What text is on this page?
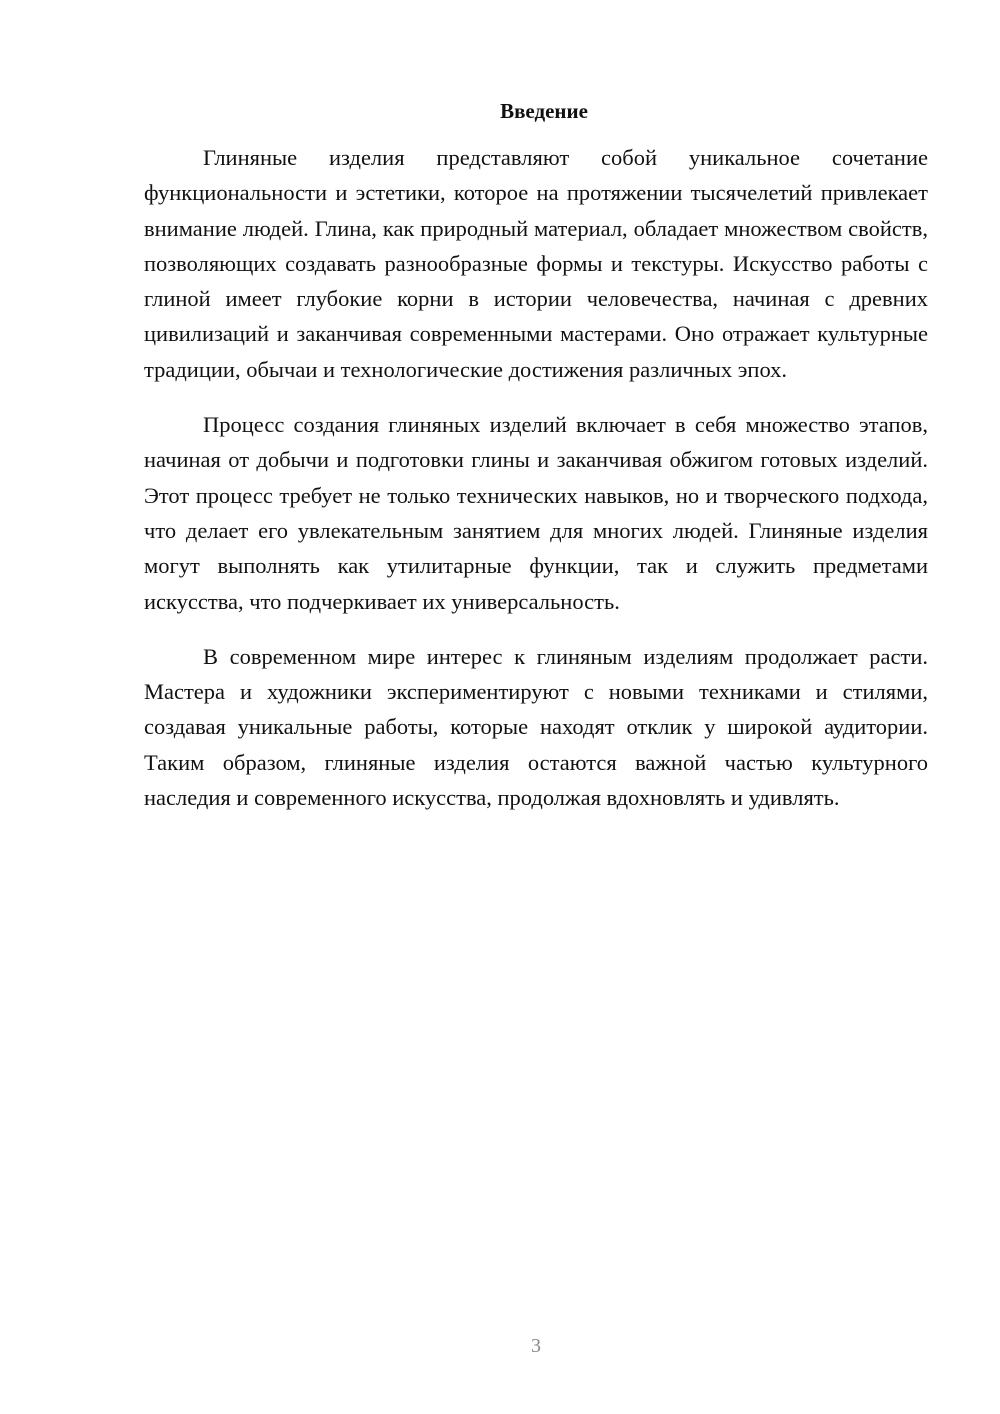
Введение

Глиняные изделия представляют собой уникальное сочетание функциональности и эстетики, которое на протяжении тысячелетий привлекает внимание людей. Глина, как природный материал, обладает множеством свойств, позволяющих создавать разнообразные формы и текстуры. Искусство работы с глиной имеет глубокие корни в истории человечества, начиная с древних цивилизаций и заканчивая современными мастерами. Оно отражает культурные традиции, обычаи и технологические достижения различных эпох.

Процесс создания глиняных изделий включает в себя множество этапов, начиная от добычи и подготовки глины и заканчивая обжигом готовых изделий. Этот процесс требует не только технических навыков, но и творческого подхода, что делает его увлекательным занятием для многих людей. Глиняные изделия могут выполнять как утилитарные функции, так и служить предметами искусства, что подчеркивает их универсальность.

В современном мире интерес к глиняным изделиям продолжает расти. Мастера и художники экспериментируют с новыми техниками и стилями, создавая уникальные работы, которые находят отклик у широкой аудитории. Таким образом, глиняные изделия остаются важной частью культурного наследия и современного искусства, продолжая вдохновлять и удивлять.

3
